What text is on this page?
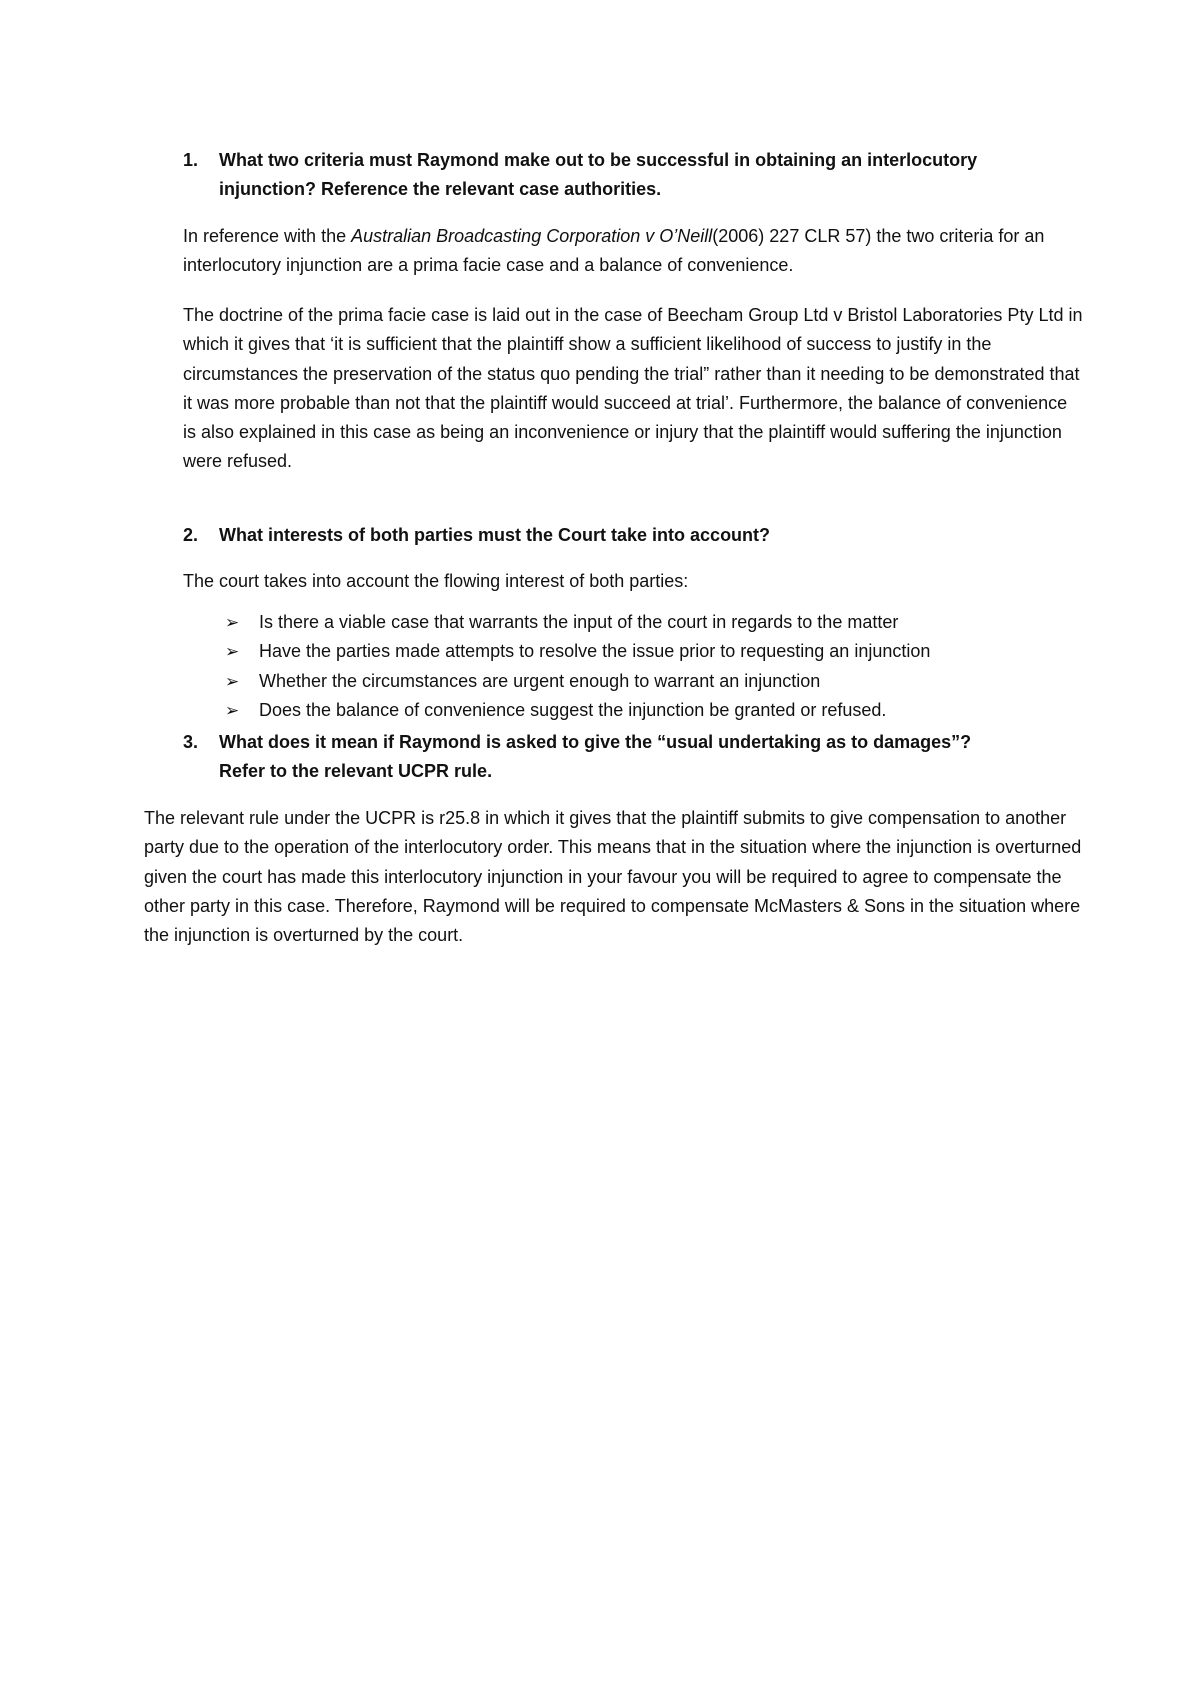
1. What two criteria must Raymond make out to be successful in obtaining an interlocutory
injunction? Reference the relevant case authorities.
In reference with the Australian Broadcasting Corporation v O’Neill(2006) 227 CLR 57) the two criteria for an interlocutory injunction are a prima facie case and a balance of convenience.
The doctrine of the prima facie case is laid out in the case of Beecham Group Ltd v Bristol Laboratories Pty Ltd in which it gives that ‘it is sufficient that the plaintiff show a sufficient likelihood of success to justify in the circumstances the preservation of the status quo pending the trial” rather than it needing to be demonstrated that it was more probable than not that the plaintiff would succeed at trial’. Furthermore, the balance of convenience is also explained in this case as being an inconvenience or injury that the plaintiff would suffering the injunction were refused.
2. What interests of both parties must the Court take into account?
The court takes into account the flowing interest of both parties:
➢ Is there a viable case that warrants the input of the court in regards to the matter
➢ Have the parties made attempts to resolve the issue prior to requesting an injunction
➢ Whether the circumstances are urgent enough to warrant an injunction
➢ Does the balance of convenience suggest the injunction be granted or refused.
3. What does it mean if Raymond is asked to give the “usual undertaking as to damages”?
Refer to the relevant UCPR rule.
The relevant rule under the UCPR is r25.8 in which it gives that the plaintiff submits to give compensation to another party due to the operation of the interlocutory order. This means that in the situation where the injunction is overturned given the court has made this interlocutory injunction in your favour you will be required to agree to compensate the other party in this case. Therefore, Raymond will be required to compensate McMasters & Sons in the situation where the injunction is overturned by the court.
